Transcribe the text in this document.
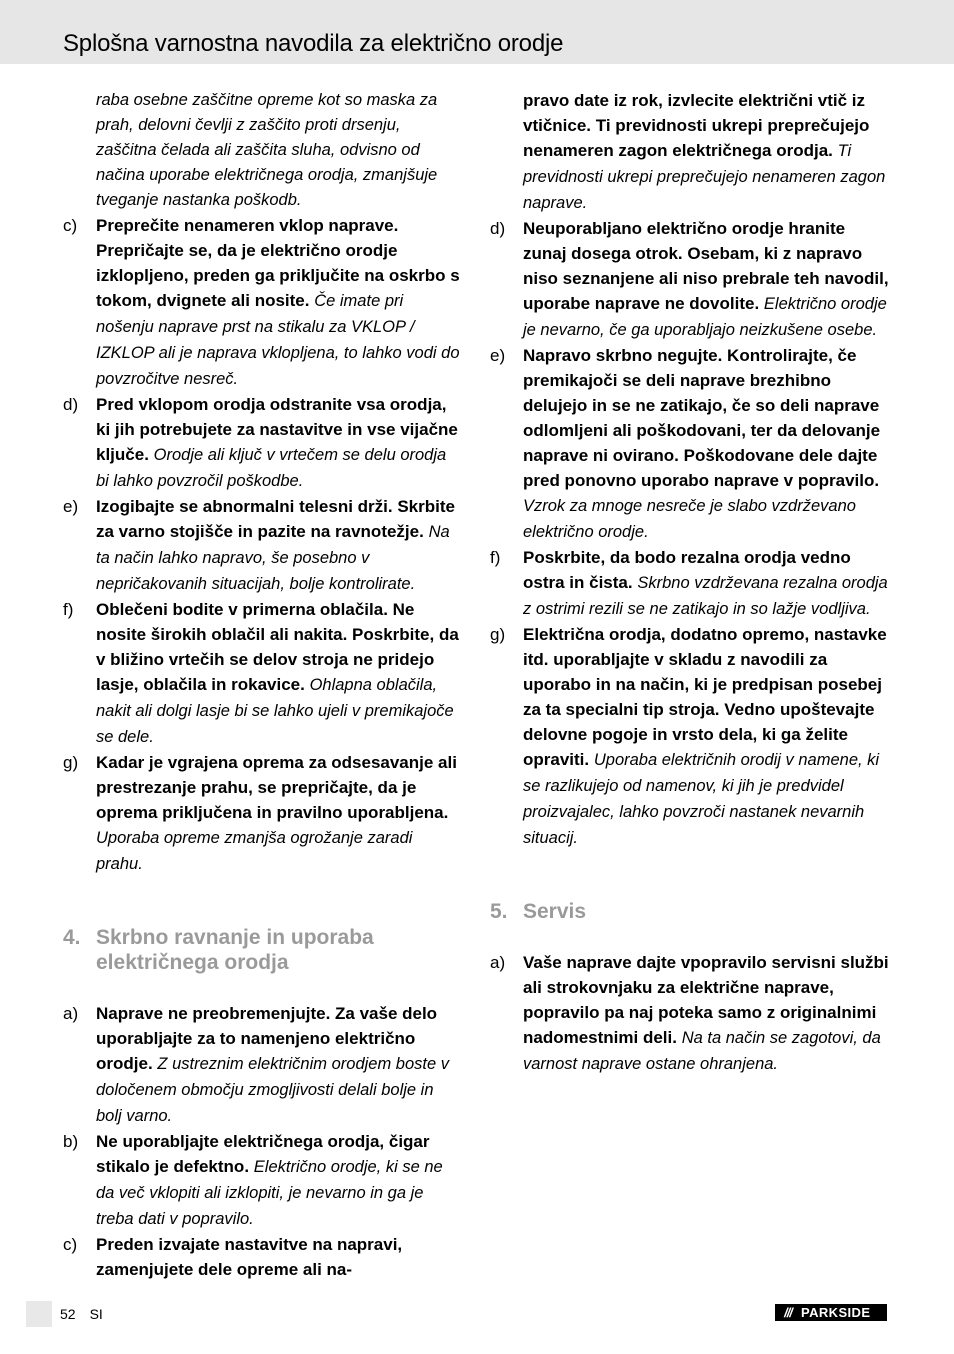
Splošna varnostna navodila za električno orodje
raba osebne zaščitne opreme kot so maska za prah, delovni čevlji z zaščito proti drsenju, zaščitna čelada ali zaščita sluha, odvisno od načina uporabe električnega orodja, zmanjšuje tveganje nastanka poškodb.
c) Preprečite nenameren vklop naprave. Prepričajte se, da je električno orodje izklopljeno, preden ga priključite na oskrbo s tokom, dvignete ali nosite. Če imate pri nošenju naprave prst na stikalu za VKLOP / IZKLOP ali je naprava vklopljena, to lahko vodi do povzročitve nesreč.
d) Pred vklopom orodja odstranite vsa orodja, ki jih potrebujete za nastavitve in vse vijačne ključe. Orodje ali ključ v vrtečem se delu orodja bi lahko povzročil poškodbe.
e) Izogibajte se abnormalni telesni drži. Skrbite za varno stojišče in pazite na ravnotežje. Na ta način lahko napravo, še posebno v nepričakovanih situacijah, bolje kontrolirate.
f) Oblečeni bodite v primerna oblačila. Ne nosite širokih oblačil ali nakita. Poskrbite, da v bližino vrtečih se delov stroja ne pridejo lasje, oblačila in rokavice. Ohlapna oblačila, nakit ali dolgi lasje bi se lahko ujeli v premikajoče se dele.
g) Kadar je vgrajena oprema za odsesavanje ali prestrezanje prahu, se prepričajte, da je oprema priključena in pravilno uporabljena. Uporaba opreme zmanjša ogrožanje zaradi prahu.
4. Skrbno ravnanje in uporaba električnega orodja
a) Naprave ne preobremenjujte. Za vaše delo uporabljajte za to namenjeno električno orodje. Z ustreznim električnim orodjem boste v določenem območju zmogljivosti delali bolje in bolj varno.
b) Ne uporabljajte električnega orodja, čigar stikalo je defektno. Električno orodje, ki se ne da več vklopiti ali izklopiti, je nevarno in ga je treba dati v popravilo.
c) Preden izvajate nastavitve na napravi, zamenjujete dele opreme ali na-
pravo date iz rok, izvlecite električni vtič iz vtičnice. Ti previdnosti ukrepi preprečujejo nenameren zagon električnega orodja. Ti previdnosti ukrepi preprečujejo nenameren zagon naprave.
d) Neuporabljano električno orodje hranite zunaj dosega otrok. Osebam, ki z napravo niso seznanjene ali niso prebrale teh navodil, uporabe naprave ne dovolite. Električno orodje je nevarno, če ga uporabljajo neizkušene osebe.
e) Napravo skrbno negujte. Kontrolirajte, če premikajoči se deli naprave brezhibno delujejo in se ne zatikajo, če so deli naprave odlomljeni ali poškodovani, ter da delovanje naprave ni ovirano. Poškodovane dele dajte pred ponovno uporabo naprave v popravilo. Vzrok za mnoge nesreče je slabo vzdrževano električno orodje.
f) Poskrbite, da bodo rezalna orodja vedno ostra in čista. Skrbno vzdrževana rezalna orodja z ostrimi rezili se ne zatikajo in so lažje vodljiva.
g) Električna orodja, dodatno opremo, nastavke itd. uporabljajte v skladu z navodili za uporabo in na način, ki je predpisan posebej za ta specialni tip stroja. Vedno upoštevajte delovne pogoje in vrsto dela, ki ga želite opraviti. Uporaba električnih orodij v namene, ki se razlikujejo od namenov, ki jih je predvidel proizvajalec, lahko povzroči nastanek nevarnih situacij.
5. Servis
a) Vaše naprave dajte vpopravilo servisni službi ali strokovnjaku za električne naprave, popravilo pa naj poteka samo z originalnimi nadomestnimi deli. Na ta način se zagotovi, da varnost naprave ostane ohranjena.
52 SI	/// PARKSIDE
